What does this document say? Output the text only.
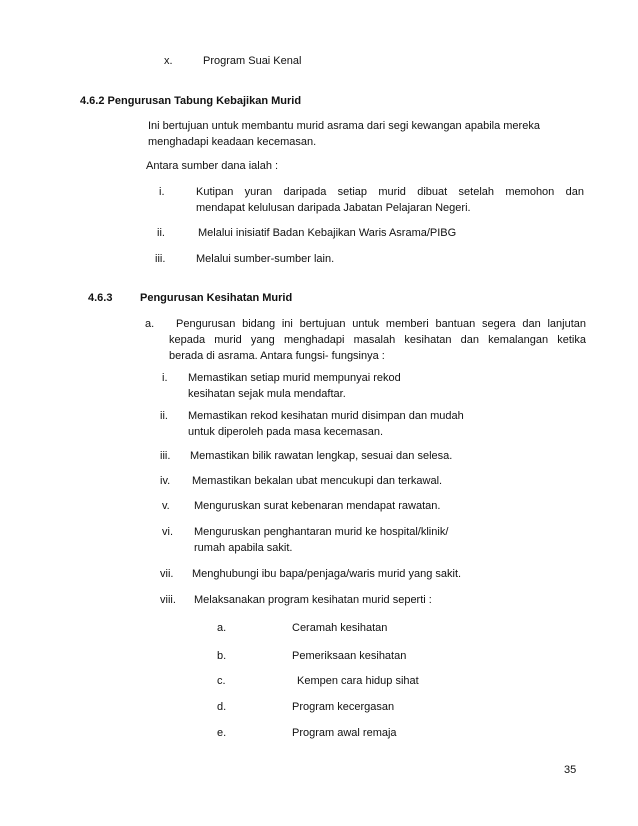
x.	Program Suai Kenal
4.6.2 Pengurusan Tabung Kebajikan Murid
Ini bertujuan untuk membantu murid asrama dari segi kewangan apabila mereka
menghadapi keadaan kecemasan.
Antara sumber dana ialah :
i.	Kutipan yuran daripada setiap murid dibuat setelah memohon dan
mendapat kelulusan daripada Jabatan Pelajaran Negeri.
ii.	Melalui inisiatif Badan Kebajikan Waris Asrama/PIBG
iii.	Melalui sumber-sumber lain.
4.6.3	Pengurusan Kesihatan Murid
a. Pengurusan bidang ini bertujuan untuk memberi bantuan segera dan lanjutan
kepada murid yang menghadapi masalah kesihatan dan kemalangan ketika
berada di asrama. Antara fungsi- fungsinya :
i. Memastikan setiap murid mempunyai rekod
kesihatan sejak mula mendaftar.
ii. Memastikan rekod kesihatan murid disimpan dan mudah
untuk diperoleh pada masa kecemasan.
iii. Memastikan bilik rawatan lengkap, sesuai dan selesa.
iv. Memastikan bekalan ubat mencukupi dan terkawal.
v. Menguruskan surat kebenaran mendapat rawatan.
vi. Menguruskan penghantaran murid ke hospital/klinik/
rumah apabila sakit.
vii. Menghubungi ibu bapa/penjaga/waris murid yang sakit.
viii. Melaksanakan program kesihatan murid seperti :
a.	Ceramah kesihatan
b.	Pemeriksaan kesihatan
c.	Kempen cara hidup sihat
d.	Program kecergasan
e.	Program awal remaja
35
